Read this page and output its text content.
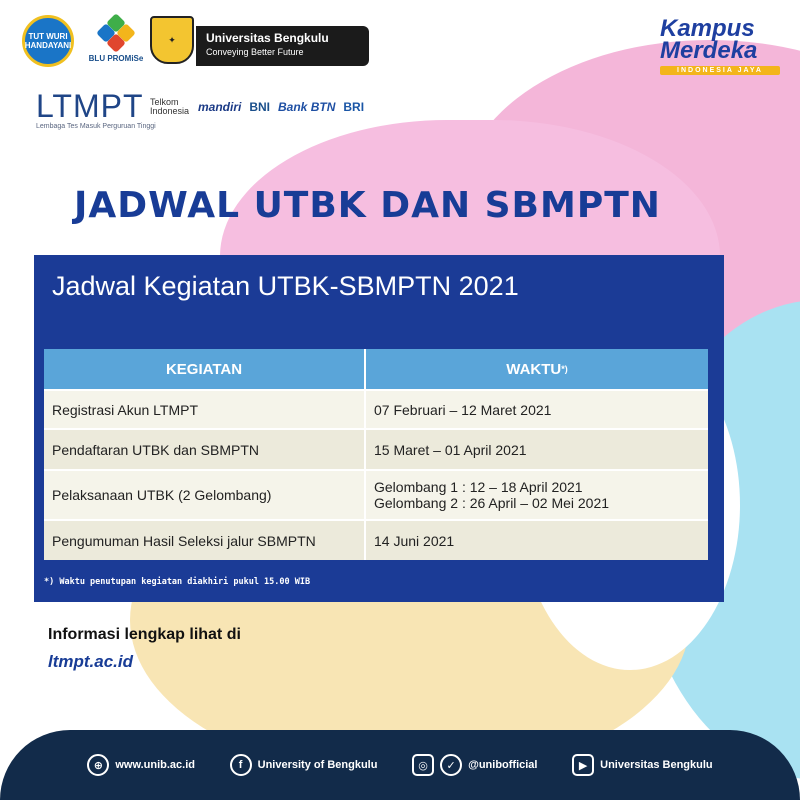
TUT WURI HANDAYANI
BLU PROMiSe
✦	Universitas Bengkulu
Conveying Better Future
Kampus
Merdeka
INDONESIA JAYA
LTMPT
Lembaga Tes Masuk Perguruan Tinggi
Telkom Indonesia mandiri BNI Bank BTN BRI
JADWAL UTBK DAN SBMPTN
Jadwal Kegiatan UTBK-SBMPTN 2021
KEGIATAN	WAKTU *)
Registrasi Akun LTMPT	07 Februari – 12 Maret 2021
Pendaftaran UTBK dan SBMPTN	15 Maret – 01 April 2021
Pelaksanaan UTBK (2 Gelombang)	Gelombang 1 : 12 – 18 April 2021
Gelombang 2 : 26 April – 02 Mei 2021
Pengumuman Hasil Seleksi jalur SBMPTN	14 Juni 2021
*) Waktu penutupan kegiatan diakhiri pukul 15.00 WIB
Informasi lengkap lihat di
ltmpt.ac.id
⊕	www.unib.ac.id	f	University of Bengkulu	◎	✓	@unibofficial	▶	Universitas Bengkulu
